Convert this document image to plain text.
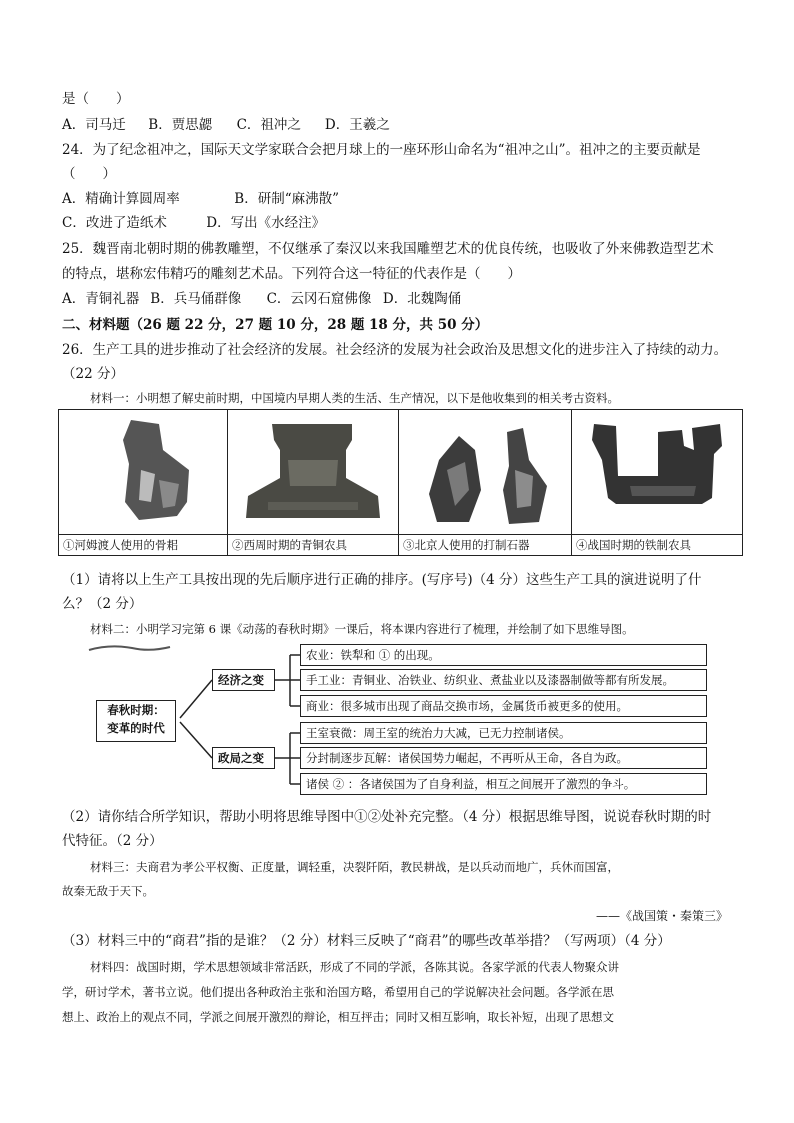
是（　　）
A．司马迁 B．贾思勰 C．祖冲之 D．王羲之
24．为了纪念祖冲之，国际天文学家联合会把月球上的一座环形山命名为“祖冲之山”。祖冲之的主要贡献是
（　　）
A．精确计算圆周率	B．研制“麻沸散”
C．改进了造纸术	D．写出《水经注》
25．魏晋南北朝时期的佛教雕塑，不仅继承了秦汉以来我国雕塑艺术的优良传统，也吸收了外来佛教造型艺术
的特点，堪称宏伟精巧的雕刻艺术品。下列符合这一特征的代表作是（　　）
A．青铜礼器 B．兵马俑群像 C．云冈石窟佛像 D．北魏陶俑
二、材料题（26 题 22 分，27 题 10 分，28 题 18 分，共 50 分）
26．生产工具的进步推动了社会经济的发展。社会经济的发展为社会政治及思想文化的进步注入了持续的动力。
（22 分）
材料一：小明想了解史前时期，中国境内早期人类的生活、生产情况，以下是他收集到的相关考古资料。
①河姆渡人使用的骨耜	②西周时期的青铜农具	③北京人使用的打制石器	④战国时期的铁制农具
（1）请将以上生产工具按出现的先后顺序进行正确的排序。(写序号)（4 分）这些生产工具的演进说明了什
么？（2 分）
材料二：小明学习完第 6 课《动荡的春秋时期》一课后，将本课内容进行了梳理，并绘制了如下思维导图。
春秋时期：
变革的时代
经济之变
政局之变
农业：铁犁和 ① 的出现。
手工业：青铜业、冶铁业、纺织业、煮盐业以及漆器制做等都有所发展。
商业：很多城市出现了商品交换市场，金属货币被更多的使用。
王室衰微：周王室的统治力大减，已无力控制诸侯。
分封制逐步瓦解：诸侯国势力崛起，不再听从王命，各自为政。
诸侯 ② ：各诸侯国为了自身利益，相互之间展开了激烈的争斗。
（2）请你结合所学知识，帮助小明将思维导图中①②处补充完整。（4 分）根据思维导图，说说春秋时期的时
代特征。（2 分）
材料三：夫商君为孝公平权衡、正度量，调轻重，决裂阡陌，教民耕战，是以兵动而地广，兵休而国富，
故秦无敌于天下。
——《战国策・秦策三》
（3）材料三中的“商君”指的是谁？（2 分）材料三反映了“商君”的哪些改革举措？（写两项）（4 分）
材料四：战国时期，学术思想领域非常活跃，形成了不同的学派，各陈其说。各家学派的代表人物聚众讲
学，研讨学术，著书立说。他们提出各种政治主张和治国方略，希望用自己的学说解决社会问题。各学派在思
想上、政治上的观点不同，学派之间展开激烈的辩论，相互抨击；同时又相互影响，取长补短，出现了思想文
